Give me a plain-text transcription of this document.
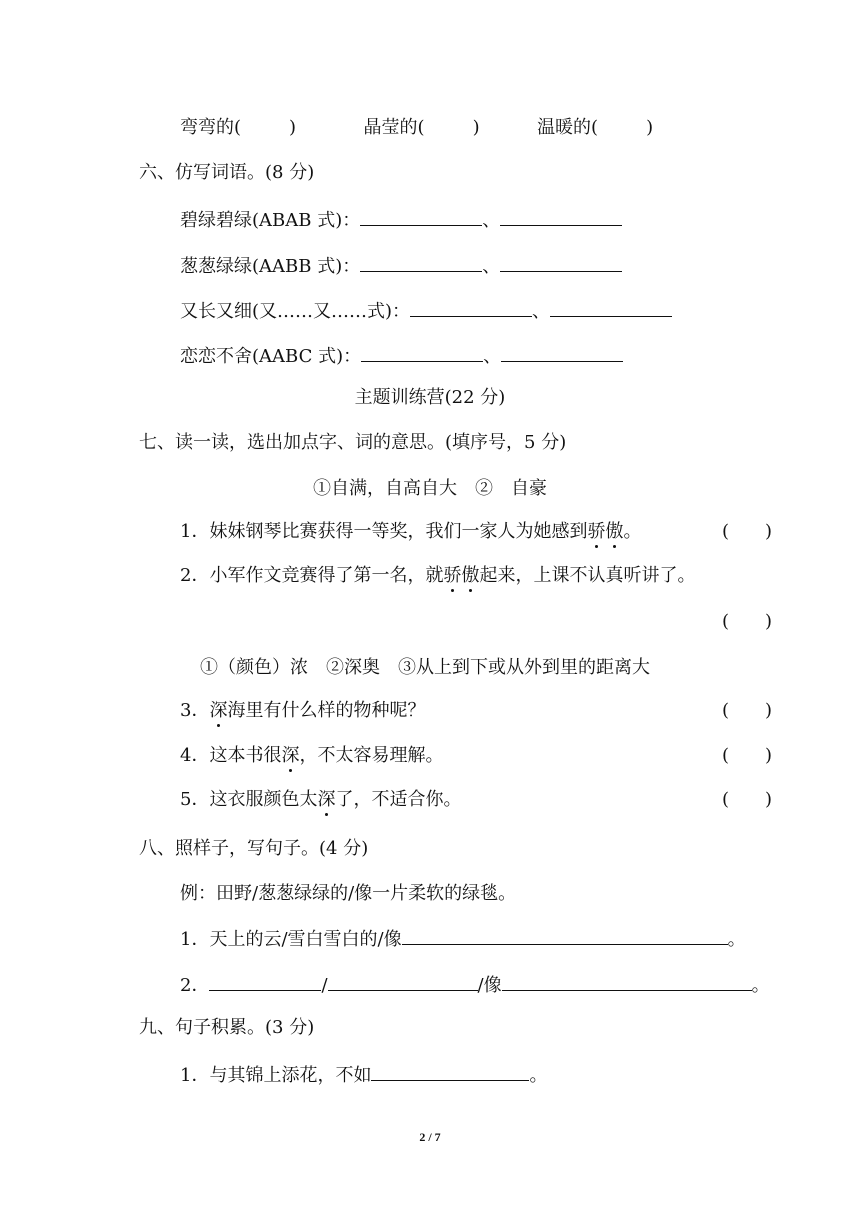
弯弯的(	)	晶莹的(	)	温暖的(	)
六、仿写词语。(8 分)
碧绿碧绿(ABAB 式)：	、
葱葱绿绿(AABB 式)：	、
又长又细(又……又……式)：	、
恋恋不舍(AABC 式)：	、
主题训练营(22 分)
七、读一读，选出加点字、词的意思。(填序号，5 分)
①自满，自高自大　②　自豪
1．妹妹钢琴比赛获得一等奖，我们一家人为她感到骄傲。	(　　)
2．小军作文竞赛得了第一名，就骄傲起来，上课不认真听讲了。
(　　)
①（颜色）浓　②深奥　③从上到下或从外到里的距离大
3．深海里有什么样的物种呢？	(　　)
4．这本书很深，不太容易理解。	(　　)
5．这衣服颜色太深了，不适合你。	(　　)
八、照样子，写句子。(4 分)
例：田野/葱葱绿绿的/像一片柔软的绿毯。
1．天上的云/雪白雪白的/像	。
2．	/	/像	。
九、句子积累。(3 分)
1．与其锦上添花，不如	。
2 / 7
